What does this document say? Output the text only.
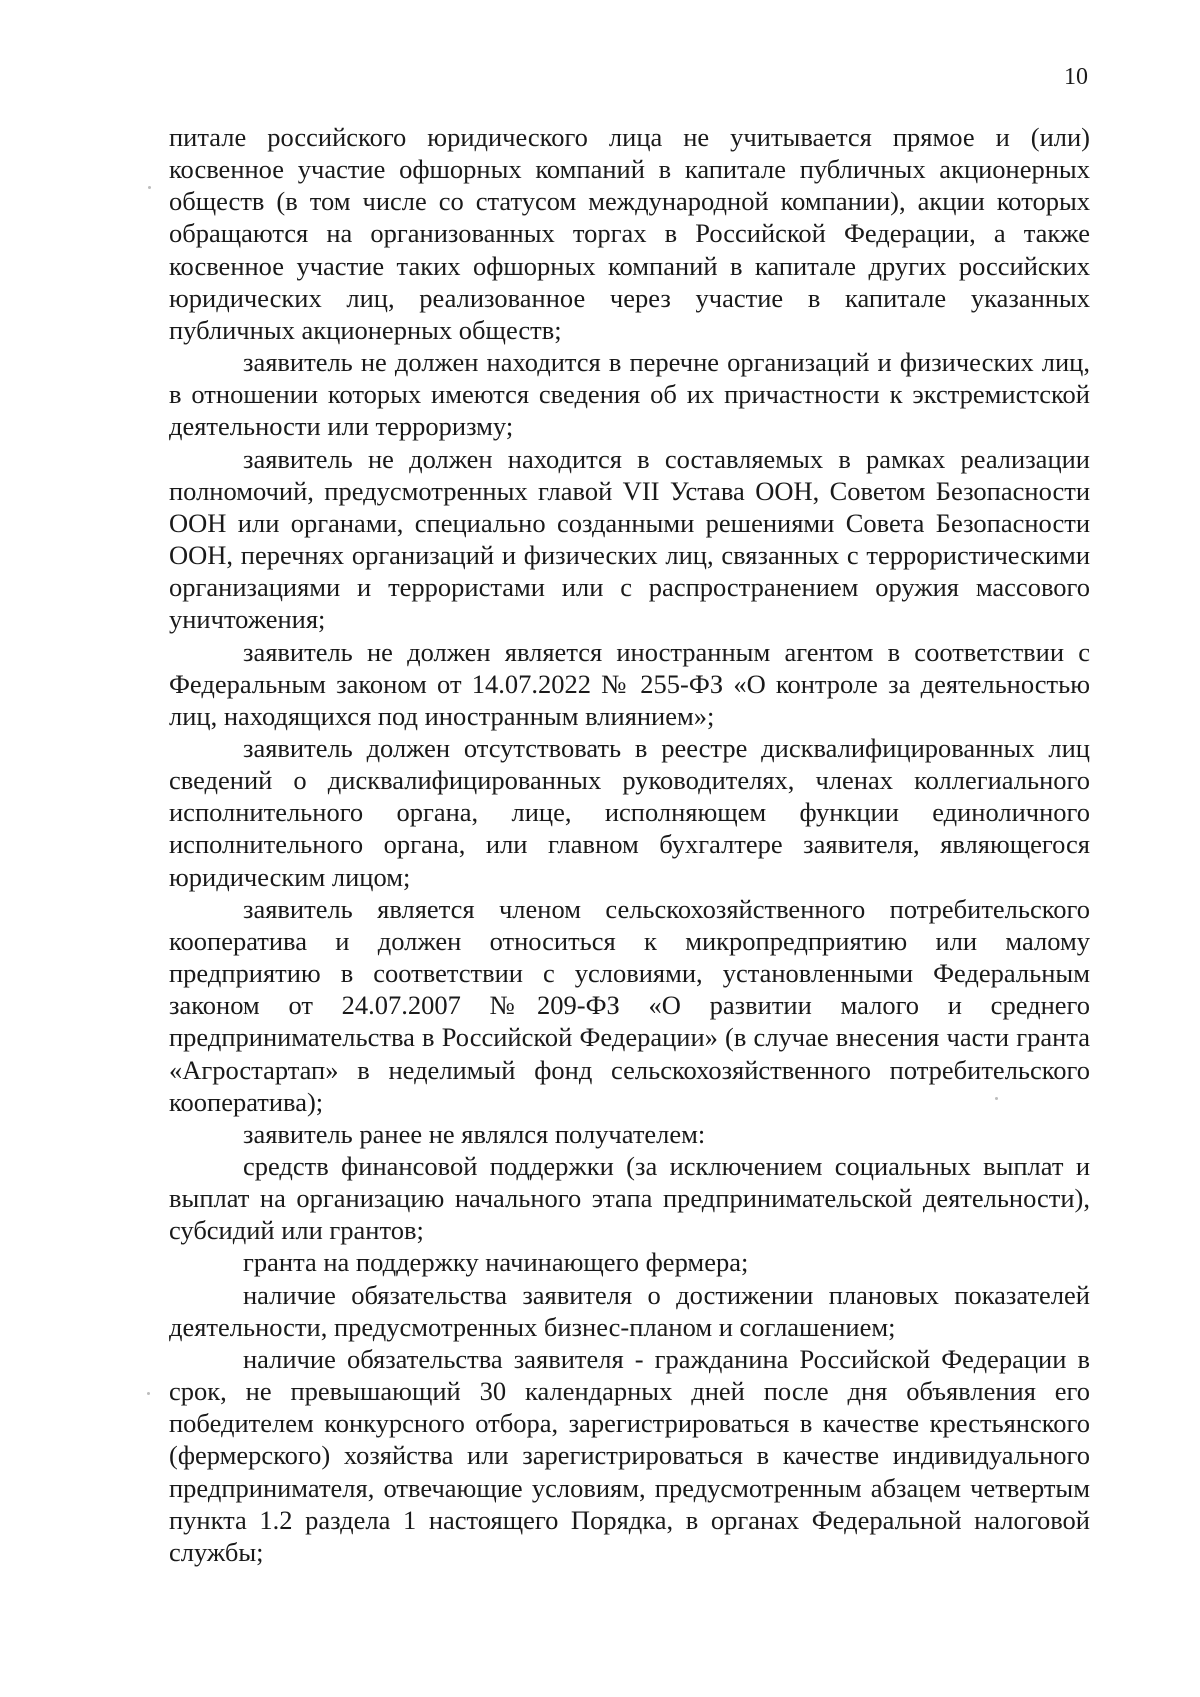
10

питале российского юридического лица не учитывается прямое и (или) косвенное участие офшорных компаний в капитале публичных акционерных обществ (в том числе со статусом международной компании), акции которых обращаются на организованных торгах в Российской Федерации, а также косвенное участие таких офшорных компаний в капитале других российских юридических лиц, реализованное через участие в капитале указанных публичных акционерных обществ;

заявитель не должен находится в перечне организаций и физических лиц, в отношении которых имеются сведения об их причастности к экстремистской деятельности или терроризму;

заявитель не должен находится в составляемых в рамках реализации полномочий, предусмотренных главой VII Устава ООН, Советом Безопасности ООН или органами, специально созданными решениями Совета Безопасности ООН, перечнях организаций и физических лиц, связанных с террористическими организациями и террористами или с распространением оружия массового уничтожения;

заявитель не должен является иностранным агентом в соответствии с Федеральным законом от 14.07.2022 № 255-ФЗ «О контроле за деятельностью лиц, находящихся под иностранным влиянием»;

заявитель должен отсутствовать в реестре дисквалифицированных лиц сведений о дисквалифицированных руководителях, членах коллегиального исполнительного органа, лице, исполняющем функции единоличного исполнительного органа, или главном бухгалтере заявителя, являющегося юридическим лицом;

заявитель является членом сельскохозяйственного потребительского кооператива и должен относиться к микропредприятию или малому предприятию в соответствии с условиями, установленными Федеральным законом от 24.07.2007 №209-ФЗ «О развитии малого и среднего предпринимательства в Российской Федерации» (в случае внесения части гранта «Агростартап» в неделимый фонд сельскохозяйственного потребительского кооператива);

заявитель ранее не являлся получателем:

средств финансовой поддержки (за исключением социальных выплат и выплат на организацию начального этапа предпринимательской деятельности), субсидий или грантов;

гранта на поддержку начинающего фермера;

наличие обязательства заявителя о достижении плановых показателей деятельности, предусмотренных бизнес-планом и соглашением;

наличие обязательства заявителя - гражданина Российской Федерации в срок, не превышающий 30 календарных дней после дня объявления его победителем конкурсного отбора, зарегистрироваться в качестве крестьянского (фермерского) хозяйства или зарегистрироваться в качестве индивидуального предпринимателя, отвечающие условиям, предусмотренным абзацем четвертым пункта 1.2 раздела 1 настоящего Порядка, в органах Федеральной налоговой службы;
